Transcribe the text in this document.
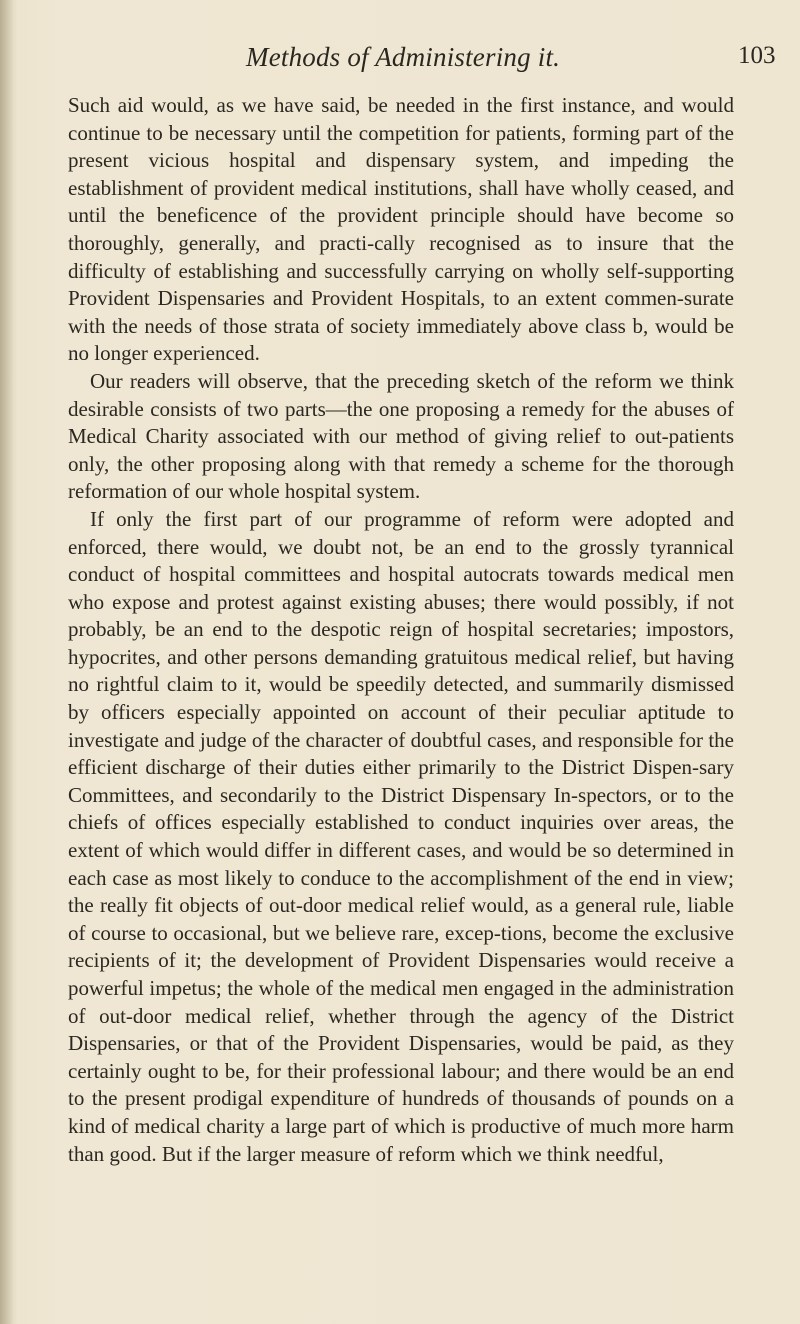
Methods of Administering it.	103

Such aid would, as we have said, be needed in the first instance, and would continue to be necessary until the competition for patients, forming part of the present vicious hospital and dispensary system, and impeding the establishment of provident medical institutions, shall have wholly ceased, and until the beneficence of the provident principle should have become so thoroughly, generally, and practi-cally recognised as to insure that the difficulty of establishing and successfully carrying on wholly self-supporting Provident Dispensaries and Provident Hospitals, to an extent commen-surate with the needs of those strata of society immediately above class b, would be no longer experienced.

Our readers will observe, that the preceding sketch of the reform we think desirable consists of two parts—the one proposing a remedy for the abuses of Medical Charity associated with our method of giving relief to out-patients only, the other proposing along with that remedy a scheme for the thorough reformation of our whole hospital system.

If only the first part of our programme of reform were adopted and enforced, there would, we doubt not, be an end to the grossly tyrannical conduct of hospital committees and hospital autocrats towards medical men who expose and protest against existing abuses; there would possibly, if not probably, be an end to the despotic reign of hospital secretaries; impostors, hypocrites, and other persons demanding gratuitous medical relief, but having no rightful claim to it, would be speedily detected, and summarily dismissed by officers especially appointed on account of their peculiar aptitude to investigate and judge of the character of doubtful cases, and responsible for the efficient discharge of their duties either primarily to the District Dispen-sary Committees, and secondarily to the District Dispensary In-spectors, or to the chiefs of offices especially established to conduct inquiries over areas, the extent of which would differ in different cases, and would be so determined in each case as most likely to conduce to the accomplishment of the end in view; the really fit objects of out-door medical relief would, as a general rule, liable of course to occasional, but we believe rare, excep-tions, become the exclusive recipients of it; the development of Provident Dispensaries would receive a powerful impetus; the whole of the medical men engaged in the administration of out-door medical relief, whether through the agency of the District Dispensaries, or that of the Provident Dispensaries, would be paid, as they certainly ought to be, for their professional labour; and there would be an end to the present prodigal expenditure of hundreds of thousands of pounds on a kind of medical charity a large part of which is productive of much more harm than good. But if the larger measure of reform which we think needful,
